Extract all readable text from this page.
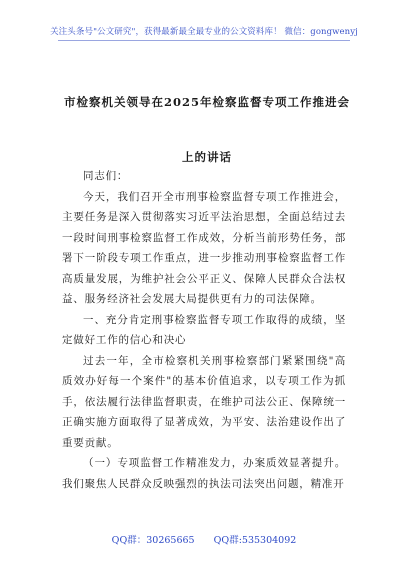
关注头条号"公文研究"，获得最新最全最专业的公文资料库！ 微信：gongwenyj
市检察机关领导在2025年检察监督专项工作推进会上的讲话

同志们：

今天，我们召开全市刑事检察监督专项工作推进会，主要任务是深入贯彻落实习近平法治思想，全面总结过去一段时间刑事检察监督工作成效，分析当前形势任务，部署下一阶段专项工作重点，进一步推动刑事检察监督工作高质量发展，为维护社会公平正义、保障人民群众合法权益、服务经济社会发展大局提供更有力的司法保障。

一、充分肯定刑事检察监督专项工作取得的成绩，坚定做好工作的信心和决心

过去一年，全市检察机关刑事检察部门紧紧围绕"高质效办好每一个案件"的基本价值追求，以专项工作为抓手，依法履行法律监督职责，在维护司法公正、保障统一正确实施方面取得了显著成效，为平安、法治建设作出了重要贡献。

（一）专项监督工作精准发力，办案质效显著提升。我们聚焦人民群众反映强烈的执法司法突出问题，精准开

QQ群：30265665 QQ群:535304092
